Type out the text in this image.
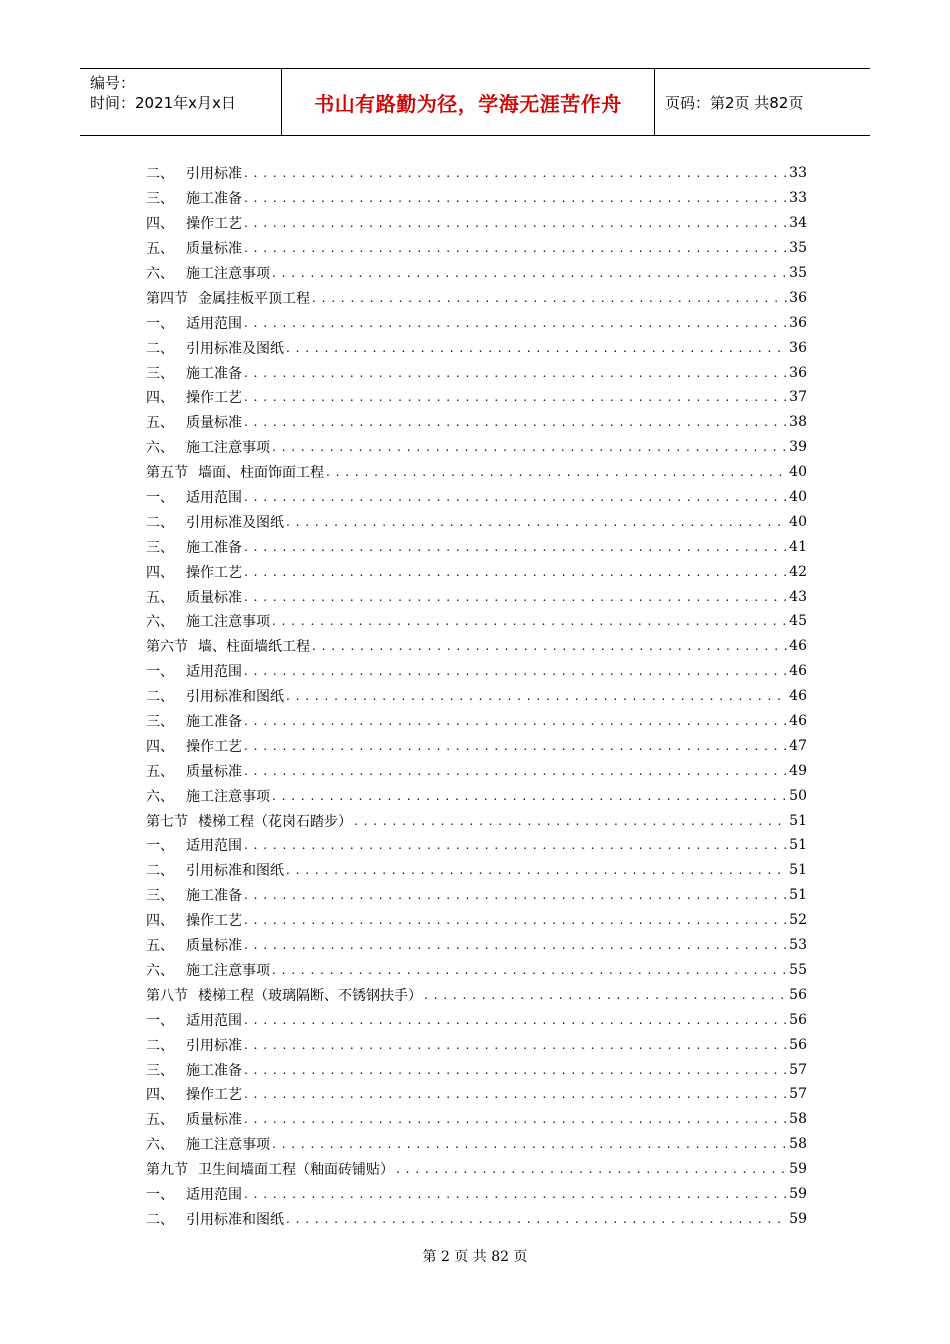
编号：
时间：2021年x月x日	书山有路勤为径，学海无涯苦作舟	页码：第2页 共82页
二、 引用标准 . . .	33
三、 施工准备 . . .	33
四、 操作工艺 . . .	34
五、 质量标准 . . .	35
六、 施工注意事项 . . .	35
第四节 金属挂板平顶工程 . . .	36
一、 适用范围 . . .	36
二、 引用标准及图纸 . . .	36
三、 施工准备 . . .	36
四、 操作工艺 . . .	37
五、 质量标准 . . .	38
六、 施工注意事项 . . .	39
第五节 墙面、柱面饰面工程 . . .	40
一、 适用范围 . . .	40
二、 引用标准及图纸 . . .	40
三、 施工准备 . . .	41
四、 操作工艺 . . .	42
五、 质量标准 . . .	43
六、 施工注意事项 . . .	45
第六节 墙、柱面墙纸工程 . . .	46
一、 适用范围 . . .	46
二、 引用标准和图纸 . . .	46
三、 施工准备 . . .	46
四、 操作工艺 . . .	47
五、 质量标准 . . .	49
六、 施工注意事项 . . .	50
第七节 楼梯工程（花岗石踏步） . . .	51
一、 适用范围 . . .	51
二、 引用标准和图纸 . . .	51
三、 施工准备 . . .	51
四、 操作工艺 . . .	52
五、 质量标准 . . .	53
六、 施工注意事项 . . .	55
第八节 楼梯工程（玻璃隔断、不锈钢扶手） . . .	56
一、 适用范围 . . .	56
二、 引用标准 . . .	56
三、 施工准备 . . .	57
四、 操作工艺 . . .	57
五、 质量标准 . . .	58
六、 施工注意事项 . . .	58
第九节 卫生间墙面工程（釉面砖铺贴） . . .	59
一、 适用范围 . . .	59
二、 引用标准和图纸 . . .	59
第 2 页 共 82 页
